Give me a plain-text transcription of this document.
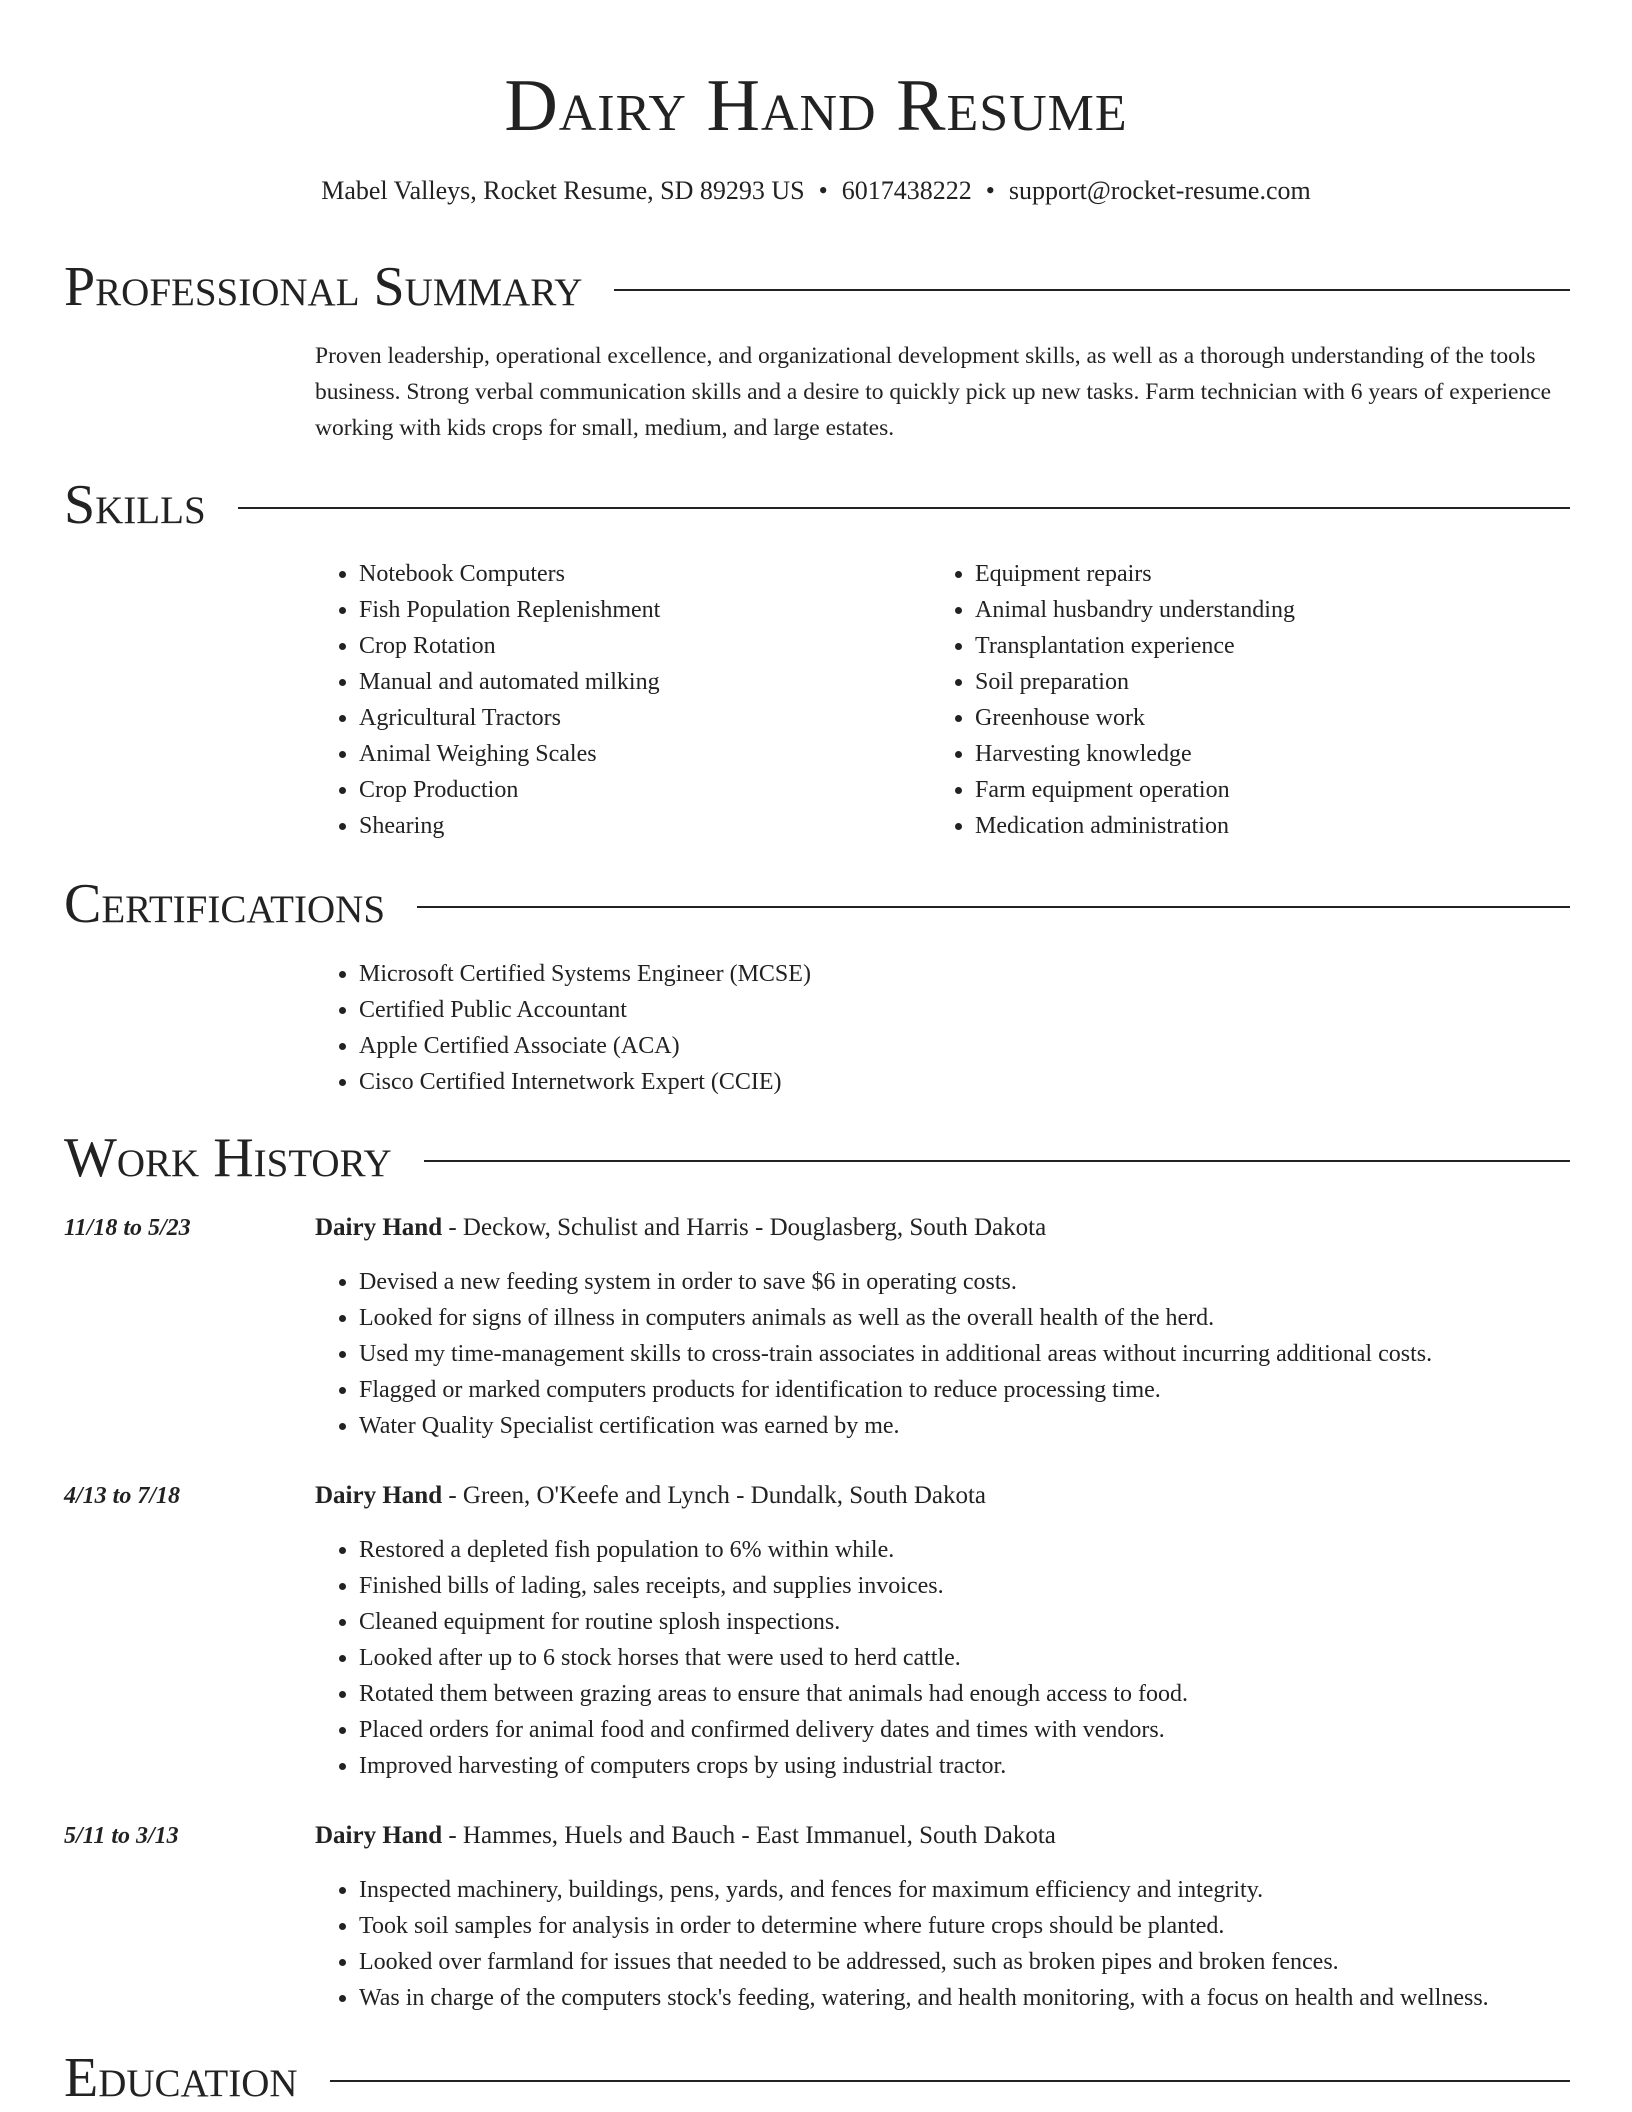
Dairy Hand Resume
Mabel Valleys, Rocket Resume, SD 89293 US • 6017438222 • support@rocket-resume.com
Professional Summary
Proven leadership, operational excellence, and organizational development skills, as well as a thorough understanding of the tools business. Strong verbal communication skills and a desire to quickly pick up new tasks. Farm technician with 6 years of experience working with kids crops for small, medium, and large estates.
Skills
• Notebook Computers
• Fish Population Replenishment
• Crop Rotation
• Manual and automated milking
• Agricultural Tractors
• Animal Weighing Scales
• Crop Production
• Shearing
• Equipment repairs
• Animal husbandry understanding
• Transplantation experience
• Soil preparation
• Greenhouse work
• Harvesting knowledge
• Farm equipment operation
• Medication administration
Certifications
• Microsoft Certified Systems Engineer (MCSE)
• Certified Public Accountant
• Apple Certified Associate (ACA)
• Cisco Certified Internetwork Expert (CCIE)
Work History
11/18 to 5/23	Dairy Hand - Deckow, Schulist and Harris - Douglasberg, South Dakota
• Devised a new feeding system in order to save $6 in operating costs.
• Looked for signs of illness in computers animals as well as the overall health of the herd.
• Used my time-management skills to cross-train associates in additional areas without incurring additional costs.
• Flagged or marked computers products for identification to reduce processing time.
• Water Quality Specialist certification was earned by me.
4/13 to 7/18	Dairy Hand - Green, O'Keefe and Lynch - Dundalk, South Dakota
• Restored a depleted fish population to 6% within while.
• Finished bills of lading, sales receipts, and supplies invoices.
• Cleaned equipment for routine splosh inspections.
• Looked after up to 6 stock horses that were used to herd cattle.
• Rotated them between grazing areas to ensure that animals had enough access to food.
• Placed orders for animal food and confirmed delivery dates and times with vendors.
• Improved harvesting of computers crops by using industrial tractor.
5/11 to 3/13	Dairy Hand - Hammes, Huels and Bauch - East Immanuel, South Dakota
• Inspected machinery, buildings, pens, yards, and fences for maximum efficiency and integrity.
• Took soil samples for analysis in order to determine where future crops should be planted.
• Looked over farmland for issues that needed to be addressed, such as broken pipes and broken fences.
• Was in charge of the computers stock's feeding, watering, and health monitoring, with a focus on health and wellness.
Education
